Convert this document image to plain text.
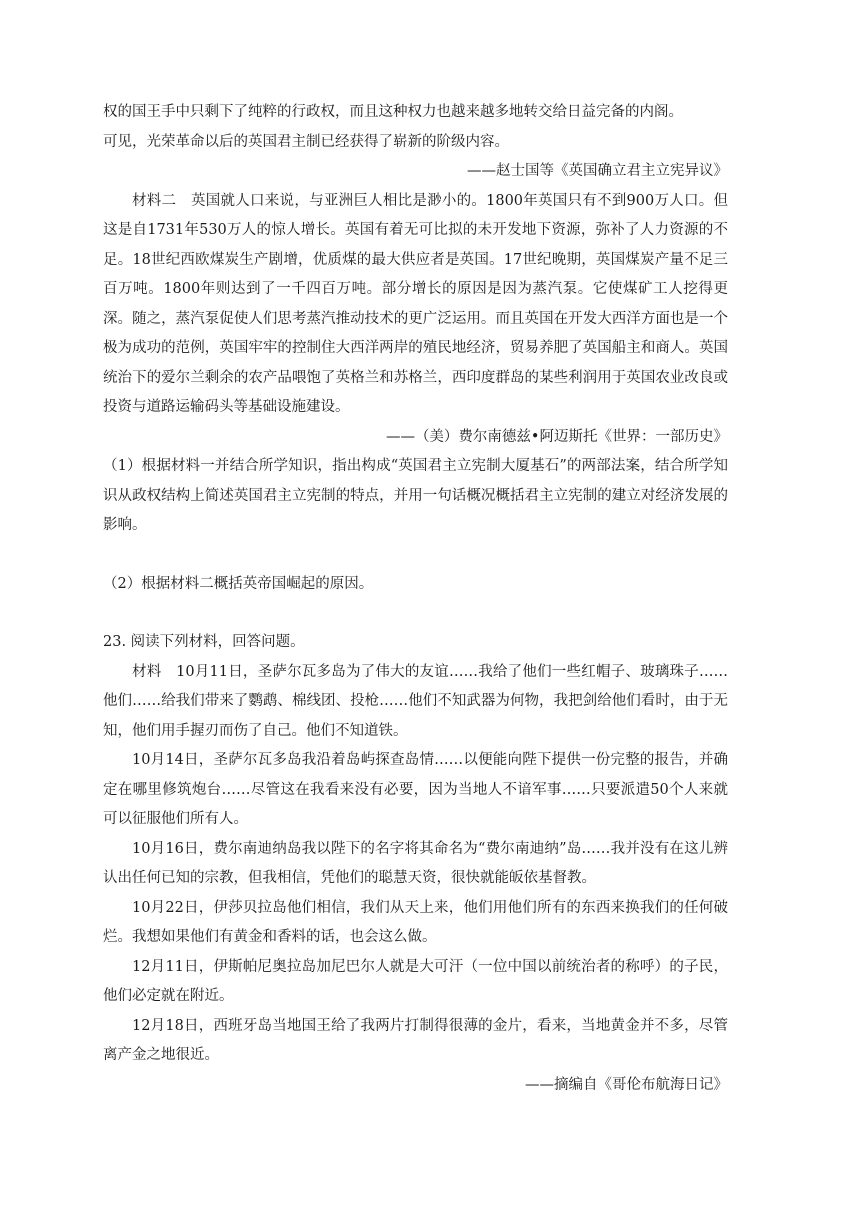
权的国王手中只剩下了纯粹的行政权，而且这种权力也越来越多地转交给日益完备的内阁。

可见，光荣革命以后的英国君主制已经获得了崭新的阶级内容。

——赵士国等《英国确立君主立宪异议》

材料二　 英国就人口来说，与亚洲巨人相比是渺小的。1800年英国只有不到900万人口。但这是自1731年530万人的惊人增长。英国有着无可比拟的未开发地下资源，弥补了人力资源的不足。18世纪西欧煤炭生产剧增，优质煤的最大供应者是英国。17世纪晚期，英国煤炭产量不足三百万吨。1800年则达到了一千四百万吨。部分增长的原因是因为蒸汽泵。它使煤矿工人挖得更深。随之，蒸汽泵促使人们思考蒸汽推动技术的更广泛运用。而且英国在开发大西洋方面也是一个极为成功的范例，英国牢牢的控制住大西洋两岸的殖民地经济，贸易养肥了英国船主和商人。英国统治下的爱尔兰剩余的农产品喂饱了英格兰和苏格兰，西印度群岛的某些利润用于英国农业改良或投资与道路运输码头等基础设施建设。

——（美）费尔南德兹•阿迈斯托《世界：一部历史》

（1）根据材料一并结合所学知识，指出构成“英国君主立宪制大厦基石”的两部法案，结合所学知识从政权结构上简述英国君主立宪制的特点，并用一句话概况概括君主立宪制的建立对经济发展的影响。

（2）根据材料二概括英帝国崛起的原因。

23. 阅读下列材料，回答问题。

材料　 10月11日，圣萨尔瓦多岛为了伟大的友谊……我给了他们一些红帽子、玻璃珠子……他们……给我们带来了鹦鹉、棉线团、投枪……他们不知武器为何物，我把剑给他们看时，由于无知，他们用手握刃而伤了自己。他们不知道铁。

10月14日，圣萨尔瓦多岛我沿着岛屿探查岛情……以便能向陛下提供一份完整的报告，并确定在哪里修筑炮台……尽管这在我看来没有必要，因为当地人不谙军事……只要派遣50个人来就可以征服他们所有人。

10月16日，费尔南迪纳岛我以陛下的名字将其命名为“费尔南迪纳”岛……我并没有在这儿辨认出任何已知的宗教，但我相信，凭他们的聪慧天资，很快就能皈依基督教。

10月22日，伊莎贝拉岛他们相信，我们从天上来，他们用他们所有的东西来换我们的任何破烂。我想如果他们有黄金和香料的话，也会这么做。

12月11日，伊斯帕尼奥拉岛加尼巴尔人就是大可汗（一位中国以前统治者的称呼）的子民，他们必定就在附近。

12月18日，西班牙岛当地国王给了我两片打制得很薄的金片，看来，当地黄金并不多，尽管离产金之地很近。

——摘编自《哥伦布航海日记》
